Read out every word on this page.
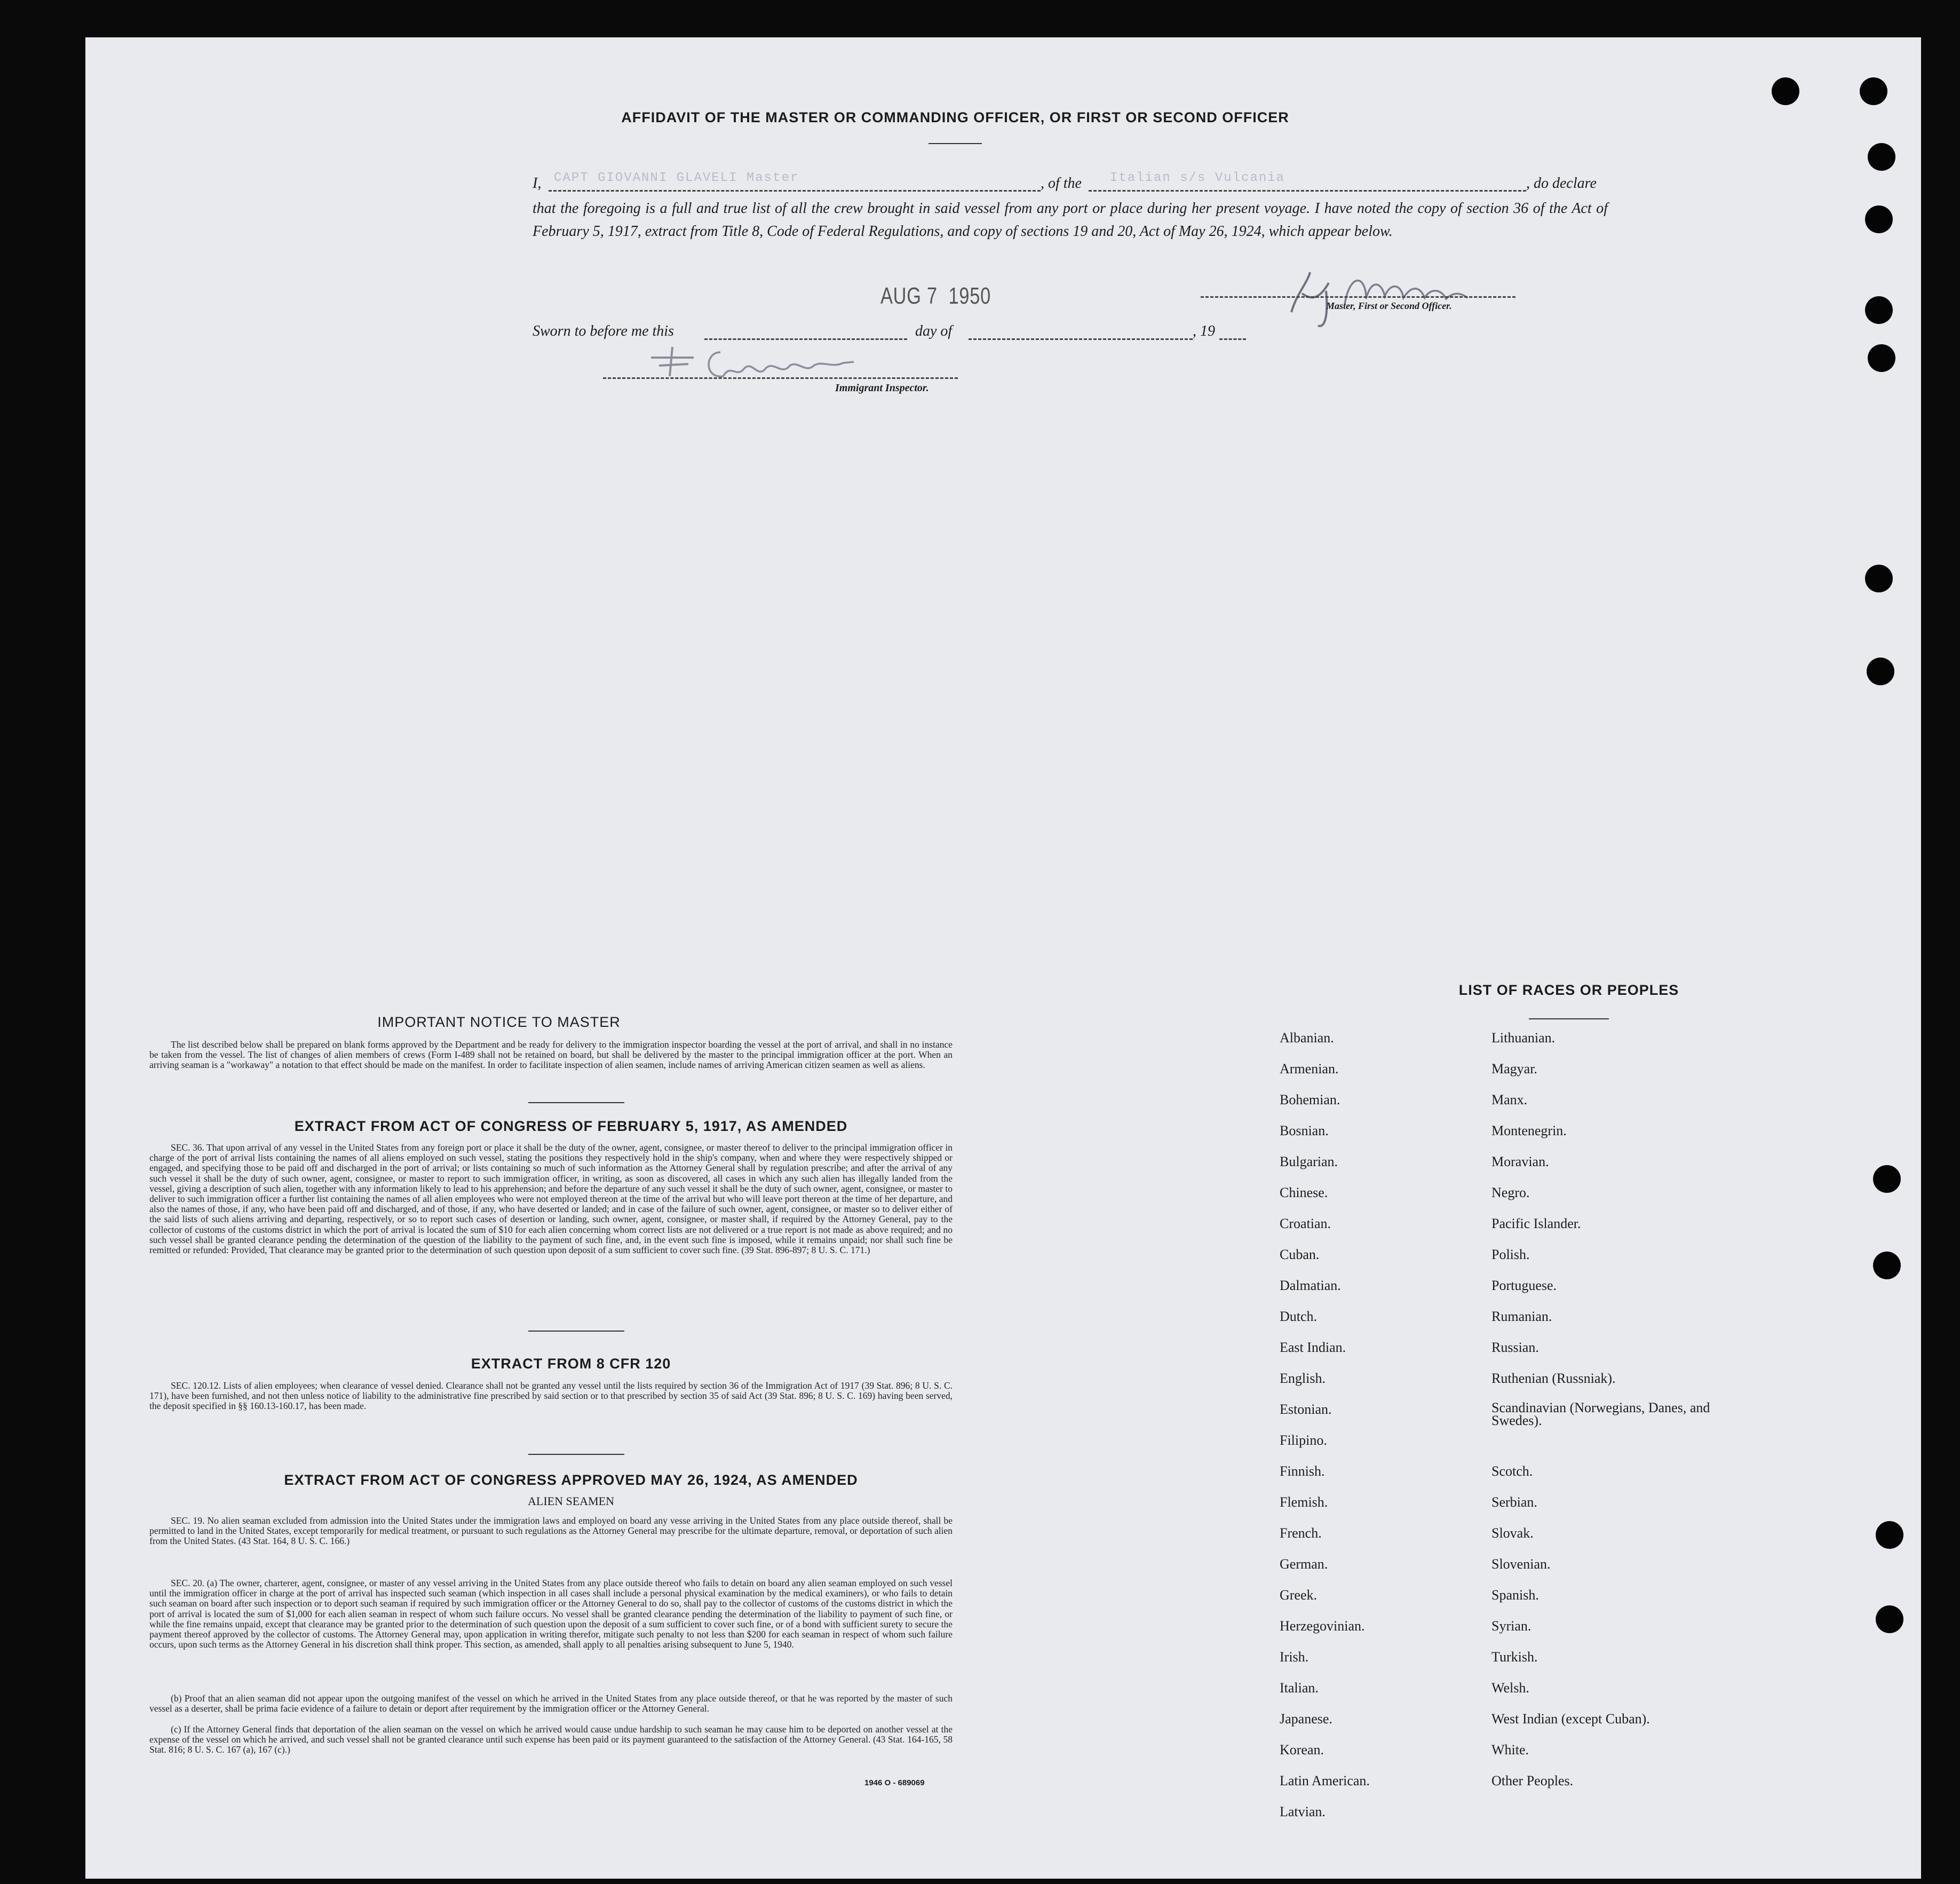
AFFIDAVIT OF THE MASTER OR COMMANDING OFFICER, OR FIRST OR SECOND OFFICER
I, CAPT GIOVANNI GLAVELI Master	, of the Italian s/s Vulcania	, do declare
that the foregoing is a full and true list of all the crew brought in said vessel from any port or place during her present voyage. I have noted the copy of section 36 of the Act of February 5, 1917, extract from Title 8, Code of Federal Regulations, and copy of sections 19 and 20, Act of May 26, 1924, which appear below.
AUG 7  1950	Master, First or Second Officer.
Sworn to before me this	day of	, 19
Immigrant Inspector.
IMPORTANT NOTICE TO MASTER
The list described below shall be prepared on blank forms approved by the Department and be ready for delivery to the immigration inspector boarding the vessel at the port of arrival, and shall in no instance be taken from the vessel. The list of changes of alien members of crews (Form I-489 shall not be retained on board, but shall be delivered by the master to the principal immigration officer at the port. When an arriving seaman is a "workaway" a notation to that effect should be made on the manifest. In order to facilitate inspection of alien seamen, include names of arriving American citizen seamen as well as aliens.
EXTRACT FROM ACT OF CONGRESS OF FEBRUARY 5, 1917, AS AMENDED
SEC. 36. That upon arrival of any vessel in the United States from any foreign port or place it shall be the duty of the owner, agent, consignee, or master thereof to deliver to the principal immigration officer in charge of the port of arrival lists containing the names of all aliens employed on such vessel, stating the positions they respectively hold in the ship's company, when and where they were respectively shipped or engaged, and specifying those to be paid off and discharged in the port of arrival; or lists containing so much of such information as the Attorney General shall by regulation prescribe; and after the arrival of any such vessel it shall be the duty of such owner, agent, consignee, or master to report to such immigration officer, in writing, as soon as discovered, all cases in which any such alien has illegally landed from the vessel, giving a description of such alien, together with any information likely to lead to his apprehension; and before the departure of any such vessel it shall be the duty of such owner, agent, consignee, or master to deliver to such immigration officer a further list containing the names of all alien employees who were not employed thereon at the time of the arrival but who will leave port thereon at the time of her departure, and also the names of those, if any, who have been paid off and discharged, and of those, if any, who have deserted or landed; and in case of the failure of such owner, agent, consignee, or master so to deliver either of the said lists of such aliens arriving and departing, respectively, or so to report such cases of desertion or landing, such owner, agent, consignee, or master shall, if required by the Attorney General, pay to the collector of customs of the customs district in which the port of arrival is located the sum of $10 for each alien concerning whom correct lists are not delivered or a true report is not made as above required; and no such vessel shall be granted clearance pending the determination of the question of the liability to the payment of such fine, and, in the event such fine is imposed, while it remains unpaid; nor shall such fine be remitted or refunded: Provided, That clearance may be granted prior to the determination of such question upon deposit of a sum sufficient to cover such fine. (39 Stat. 896-897; 8 U. S. C. 171.)
EXTRACT FROM 8 CFR 120
SEC. 120.12. Lists of alien employees; when clearance of vessel denied. Clearance shall not be granted any vessel until the lists required by section 36 of the Immigration Act of 1917 (39 Stat. 896; 8 U. S. C. 171), have been furnished, and not then unless notice of liability to the administrative fine prescribed by said section or to that prescribed by section 35 of said Act (39 Stat. 896; 8 U. S. C. 169) having been served, the deposit specified in §§ 160.13-160.17, has been made.
EXTRACT FROM ACT OF CONGRESS APPROVED MAY 26, 1924, AS AMENDED
ALIEN SEAMEN
SEC. 19. No alien seaman excluded from admission into the United States under the immigration laws and employed on board any vesse arriving in the United States from any place outside thereof, shall be permitted to land in the United States, except temporarily for medical treatment, or pursuant to such regulations as the Attorney General may prescribe for the ultimate departure, removal, or deportation of such alien from the United States. (43 Stat. 164, 8 U. S. C. 166.)
SEC. 20. (a) The owner, charterer, agent, consignee, or master of any vessel arriving in the United States from any place outside thereof who fails to detain on board any alien seaman employed on such vessel until the immigration officer in charge at the port of arrival has inspected such seaman (which inspection in all cases shall include a personal physical examination by the medical examiners), or who fails to detain such seaman on board after such inspection or to deport such seaman if required by such immigration officer or the Attorney General to do so, shall pay to the collector of customs of the customs district in which the port of arrival is located the sum of $1,000 for each alien seaman in respect of whom such failure occurs. No vessel shall be granted clearance pending the determination of the liability to payment of such fine, or while the fine remains unpaid, except that clearance may be granted prior to the determination of such question upon the deposit of a sum sufficient to cover such fine, or of a bond with sufficient surety to secure the payment thereof approved by the collector of customs. The Attorney General may, upon application in writing therefor, mitigate such penalty to not less than $200 for each seaman in respect of whom such failure occurs, upon such terms as the Attorney General in his discretion shall think proper. This section, as amended, shall apply to all penalties arising subsequent to June 5, 1940.
(b) Proof that an alien seaman did not appear upon the outgoing manifest of the vessel on which he arrived in the United States from any place outside thereof, or that he was reported by the master of such vessel as a deserter, shall be prima facie evidence of a failure to detain or deport after requirement by the immigration officer or the Attorney General.
(c) If the Attorney General finds that deportation of the alien seaman on the vessel on which he arrived would cause undue hardship to such seaman he may cause him to be deported on another vessel at the expense of the vessel on which he arrived, and such vessel shall not be granted clearance until such expense has been paid or its payment guaranteed to the satisfaction of the Attorney General. (43 Stat. 164-165, 58 Stat. 816; 8 U. S. C. 167 (a), 167 (c).)
1946 O - 689069
LIST OF RACES OR PEOPLES
Albanian.
Armenian.
Bohemian.
Bosnian.
Bulgarian.
Chinese.
Croatian.
Cuban.
Dalmatian.
Dutch.
East Indian.
English.
Estonian.
Filipino.
Finnish.
Flemish.
French.
German.
Greek.
Herzegovinian.
Irish.
Italian.
Japanese.
Korean.
Latin American.
Latvian.
Lithuanian.
Magyar.
Manx.
Montenegrin.
Moravian.
Negro.
Pacific Islander.
Polish.
Portuguese.
Rumanian.
Russian.
Ruthenian (Russniak).
Scandinavian (Norwegians, Danes, and Swedes).
Scotch.
Serbian.
Slovak.
Slovenian.
Spanish.
Syrian.
Turkish.
Welsh.
West Indian (except Cuban).
White.
Other Peoples.
